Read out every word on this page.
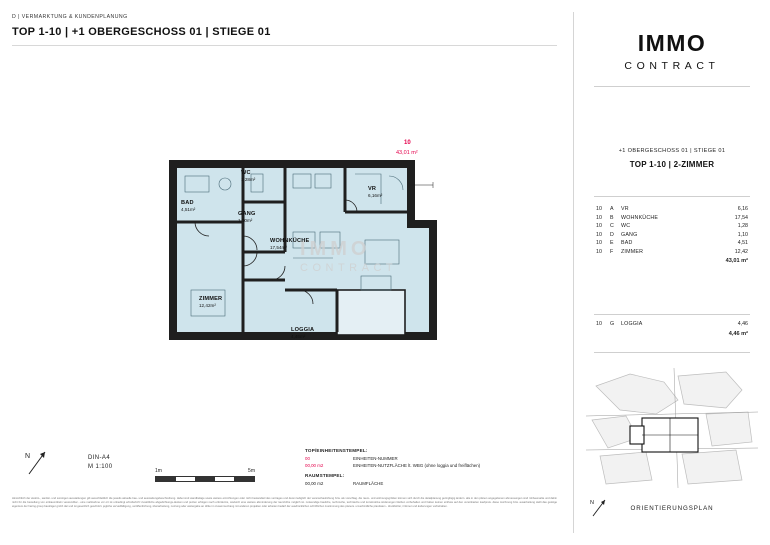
D | VERMARKTUNG & KUNDENPLANUNG
TOP 1-10 | +1 OBERGESCHOSS 01 | STIEGE 01
10
43,01 m²
IMMO
CONTRACT
WC
1,28m²
BAD
4,51m²
GANG
1,10m²
VR
6,16m²
WOHNKÜCHE
17,54m²
ZIMMER
12,42m²
LOGGIA
4,46m²
N	DIN-A4
M 1:100
1m	5m
TOP/EINHEITENSTEMPEL:
00	EINHEITEN-NUMMER
00,00 m2	EINHEITEN-NUTZFLÄCHE lt. WBG (ohne loggia und freiflächen)
RAUMSTEMPEL:
00,00 m2	RAUMFLÄCHE
Hinsichtlich der elektro-, sanitär- und sonstigen ausstattungen gilt ausschließlich die jeweils aktuelle bau- und ausstattungsbeschreibung. dabei sind wandbeläge sowie weitere einrichtungen oder nicht bestandteil des vertrages und deren lediglich der veranschaulichung bzw. als vorschlag. die raum- und wohnungsgrößen können sich durch die detailplanung geringfügig ändern. alle in den plänen angegebenen abmessungen sind rohbaumaße und dahin nicht für die bestellung von einbaumöbeln verwendbar - eine maßnahme vor ort ist unbedingt erforderlich! zusätzliche abgedichtungs-decken und putzen erfolgen nach erfordernis, wodurch eine weitere abminderung der raumhöhe möglich ist. notwendige bauliche, technische, technische und konstruktive änderungen bleiben vorbehalten und haben keinen einfluss auf den vereinbarten kaufpreis. diese zeichnung bzw. ausarbeitung stellt das geistige eigentum der haring group bauträger gmbh dar und ist gesetzlich geschützt. jegliche vervielfältigung, veröffentlichung, überarbeitung, nutzung oder weitergabe an dritte im zusammenhang mit anderen projekten oder arbeiten bedarf der ausdrücklichen schriftlichen zustimmung des planers. unverbindliche plandaten - druckfehler, irrtümer und änderungen vorbehalten.
IMMO
CONTRACT
+1 OBERGESCHOSS 01 | STIEGE 01
TOP 1-10 | 2-ZIMMER
10	A	VR	6,16
10	B	WOHNKÜCHE	17,54
10	C	WC	1,28
10	D	GANG	1,10
10	E	BAD	4,51
10	F	ZIMMER	12,42
43,01 m²
10	G	LOGGIA	4,46
4,46 m²
N
ORIENTIERUNGSPLAN
